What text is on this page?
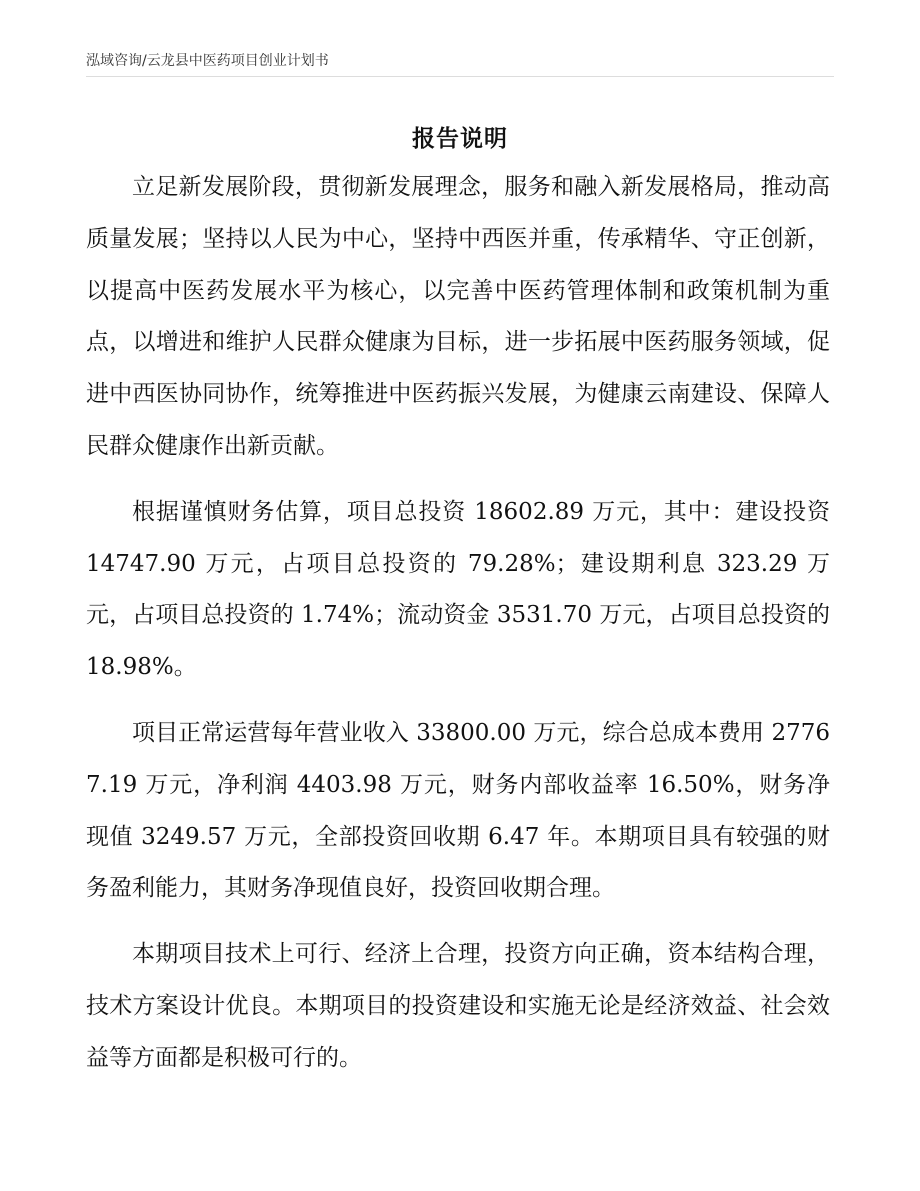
泓域咨询/云龙县中医药项目创业计划书
报告说明

立足新发展阶段，贯彻新发展理念，服务和融入新发展格局，推动高质量发展；坚持以人民为中心，坚持中西医并重，传承精华、守正创新，以提高中医药发展水平为核心，以完善中医药管理体制和政策机制为重点，以增进和维护人民群众健康为目标，进一步拓展中医药服务领域，促进中西医协同协作，统筹推进中医药振兴发展，为健康云南建设、保障人民群众健康作出新贡献。

根据谨慎财务估算，项目总投资 18602.89 万元，其中：建设投资 14747.90 万元，占项目总投资的 79.28%；建设期利息 323.29 万元，占项目总投资的 1.74%；流动资金 3531.70 万元，占项目总投资的 18.98%。

项目正常运营每年营业收入 33800.00 万元，综合总成本费用 27767.19 万元，净利润 4403.98 万元，财务内部收益率 16.50%，财务净现值 3249.57 万元，全部投资回收期 6.47 年。本期项目具有较强的财务盈利能力，其财务净现值良好，投资回收期合理。

本期项目技术上可行、经济上合理，投资方向正确，资本结构合理，技术方案设计优良。本期项目的投资建设和实施无论是经济效益、社会效益等方面都是积极可行的。
